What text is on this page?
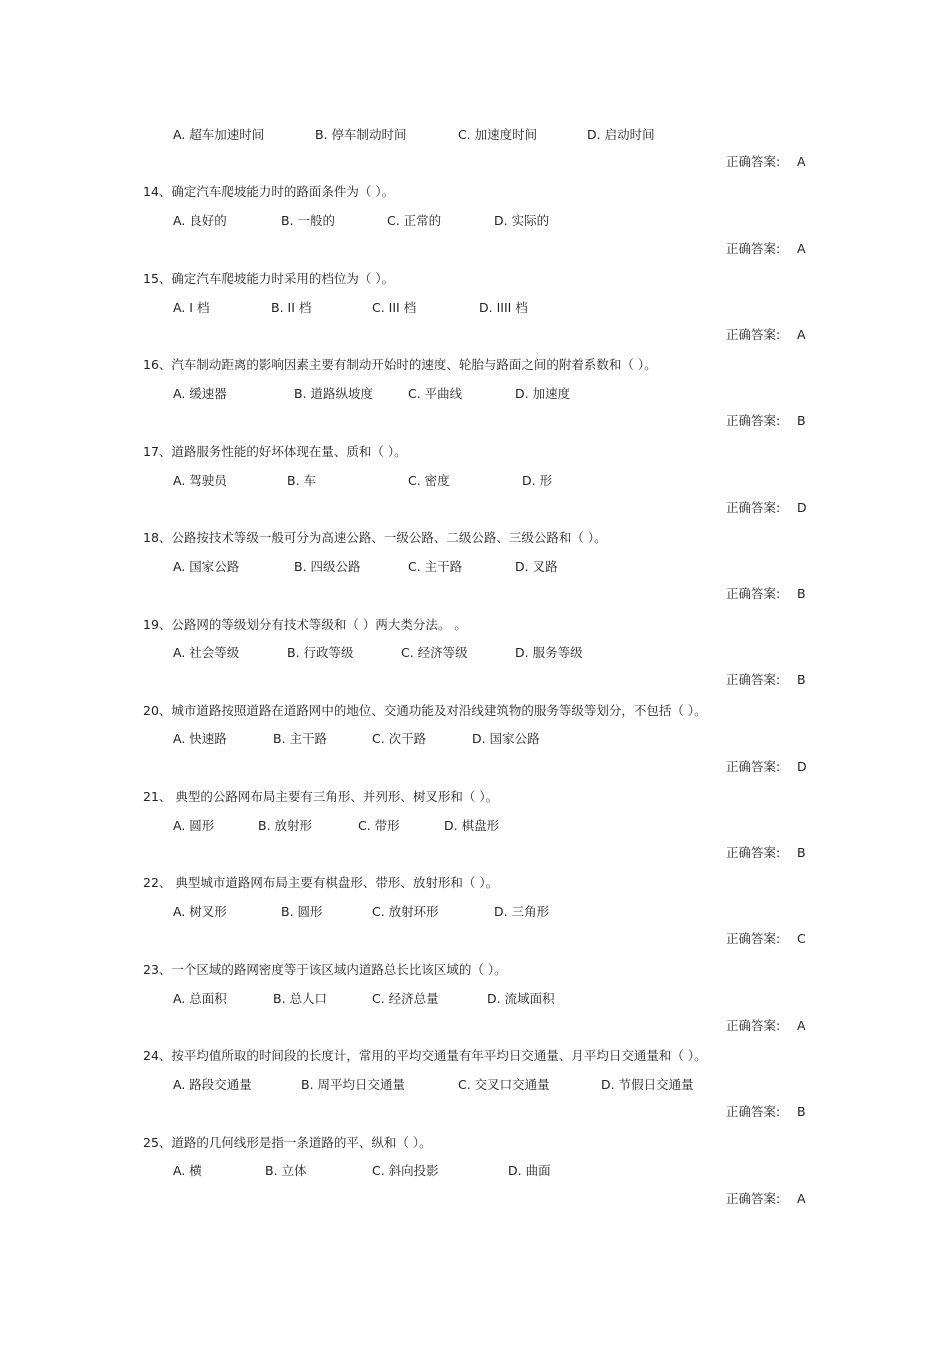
A. 超车加速时间	B. 停车制动时间	C. 加速度时间	D. 启动时间
正确答案: A
14、确定汽车爬坡能力时的路面条件为（ ）。
A. 良好的	B. 一般的	C. 正常的	D. 实际的
正确答案: A
15、确定汽车爬坡能力时采用的档位为（ ）。
A. I 档	B. II 档	C. III 档	D. IIII 档
正确答案: A
16、汽车制动距离的影响因素主要有制动开始时的速度、轮胎与路面之间的附着系数和（ ）。
A. 缓速器	B. 道路纵坡度	C. 平曲线	D. 加速度
正确答案: B
17、道路服务性能的好坏体现在量、质和（ ）。
A. 驾驶员	B. 车	C. 密度	D. 形
正确答案: D
18、公路按技术等级一般可分为高速公路、一级公路、二级公路、三级公路和（ ）。
A. 国家公路	B. 四级公路	C. 主干路	D. 叉路
正确答案: B
19、公路网的等级划分有技术等级和（ ）两大类分法。 。
A. 社会等级	B. 行政等级	C. 经济等级	D. 服务等级
正确答案: B
20、城市道路按照道路在道路网中的地位、交通功能及对沿线建筑物的服务等级等划分，不包括（ ）。
A. 快速路	B. 主干路	C. 次干路	D. 国家公路
正确答案: D
21、 典型的公路网布局主要有三角形、并列形、树叉形和（ ）。
A. 圆形	B. 放射形	C. 带形	D. 棋盘形
正确答案: B
22、 典型城市道路网布局主要有棋盘形、带形、放射形和（ ）。
A. 树叉形	B. 圆形	C. 放射环形	D. 三角形
正确答案: C
23、一个区域的路网密度等于该区域内道路总长比该区域的（ ）。
A. 总面积	B. 总人口	C. 经济总量	D. 流域面积
正确答案: A
24、按平均值所取的时间段的长度计，常用的平均交通量有年平均日交通量、月平均日交通量和（ ）。
A. 路段交通量	B. 周平均日交通量	C. 交叉口交通量	D. 节假日交通量
正确答案: B
25、道路的几何线形是指一条道路的平、纵和（ ）。
A. 横	B. 立体	C. 斜向投影	D. 曲面
正确答案: A
